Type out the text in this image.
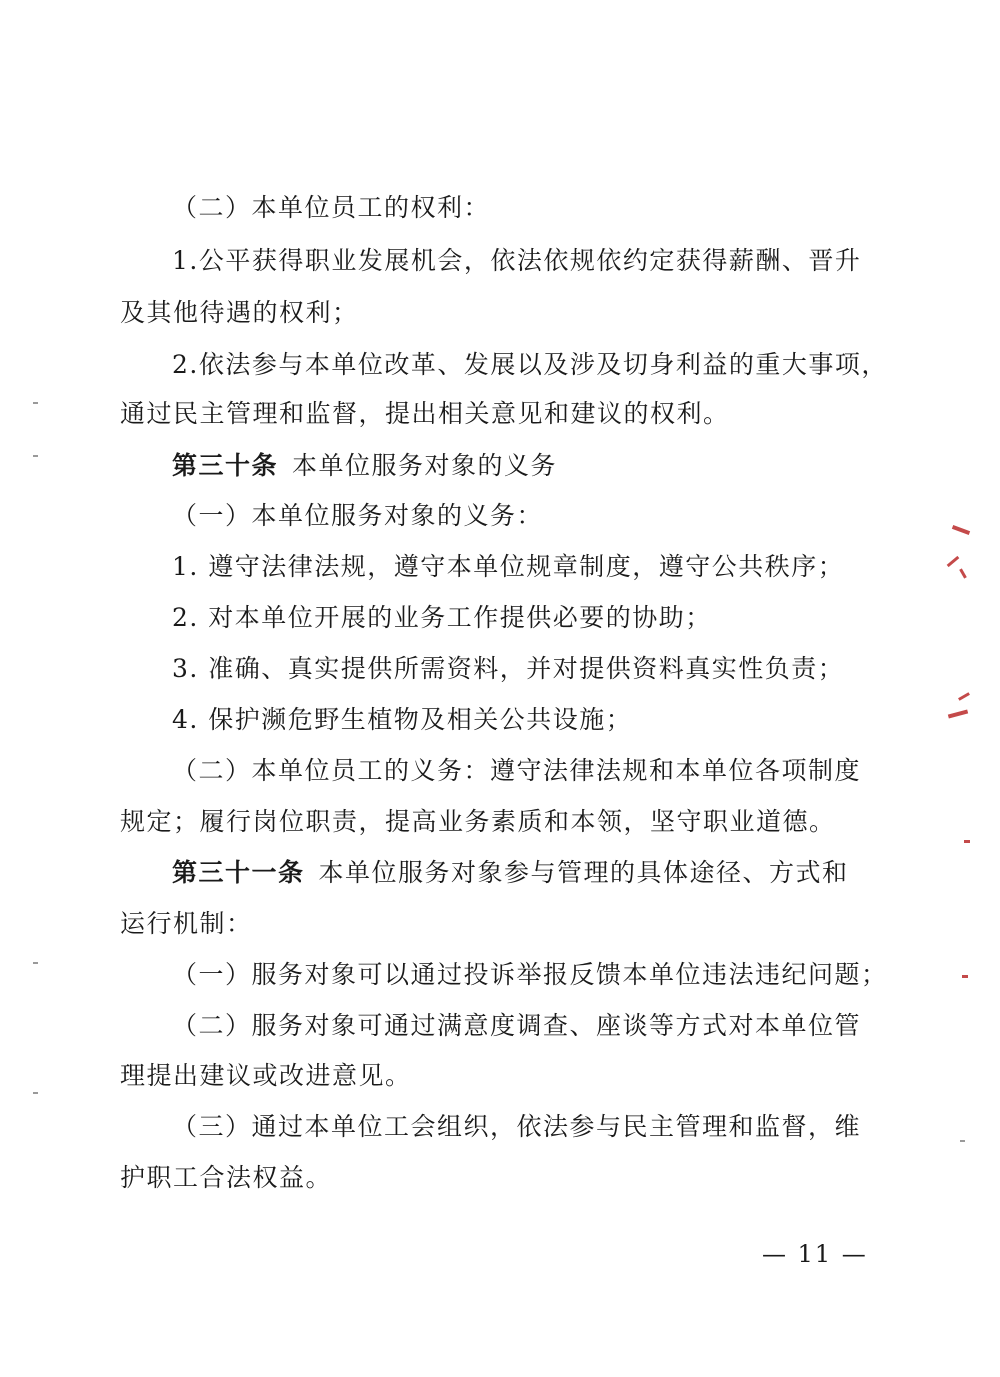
（二）本单位员工的权利：
1.公平获得职业发展机会，依法依规依约定获得薪酬、晋升
及其他待遇的权利；
2.依法参与本单位改革、发展以及涉及切身利益的重大事项，
通过民主管理和监督，提出相关意见和建议的权利。
第三十条 本单位服务对象的义务
（一）本单位服务对象的义务：
1. 遵守法律法规，遵守本单位规章制度，遵守公共秩序；
2. 对本单位开展的业务工作提供必要的协助；
3. 准确、真实提供所需资料，并对提供资料真实性负责；
4. 保护濒危野生植物及相关公共设施；
（二）本单位员工的义务：遵守法律法规和本单位各项制度
规定；履行岗位职责，提高业务素质和本领，坚守职业道德。
第三十一条 本单位服务对象参与管理的具体途径、方式和
运行机制：
（一）服务对象可以通过投诉举报反馈本单位违法违纪问题；
（二）服务对象可通过满意度调查、座谈等方式对本单位管
理提出建议或改进意见。
（三）通过本单位工会组织，依法参与民主管理和监督，维
护职工合法权益。
— 11 —
